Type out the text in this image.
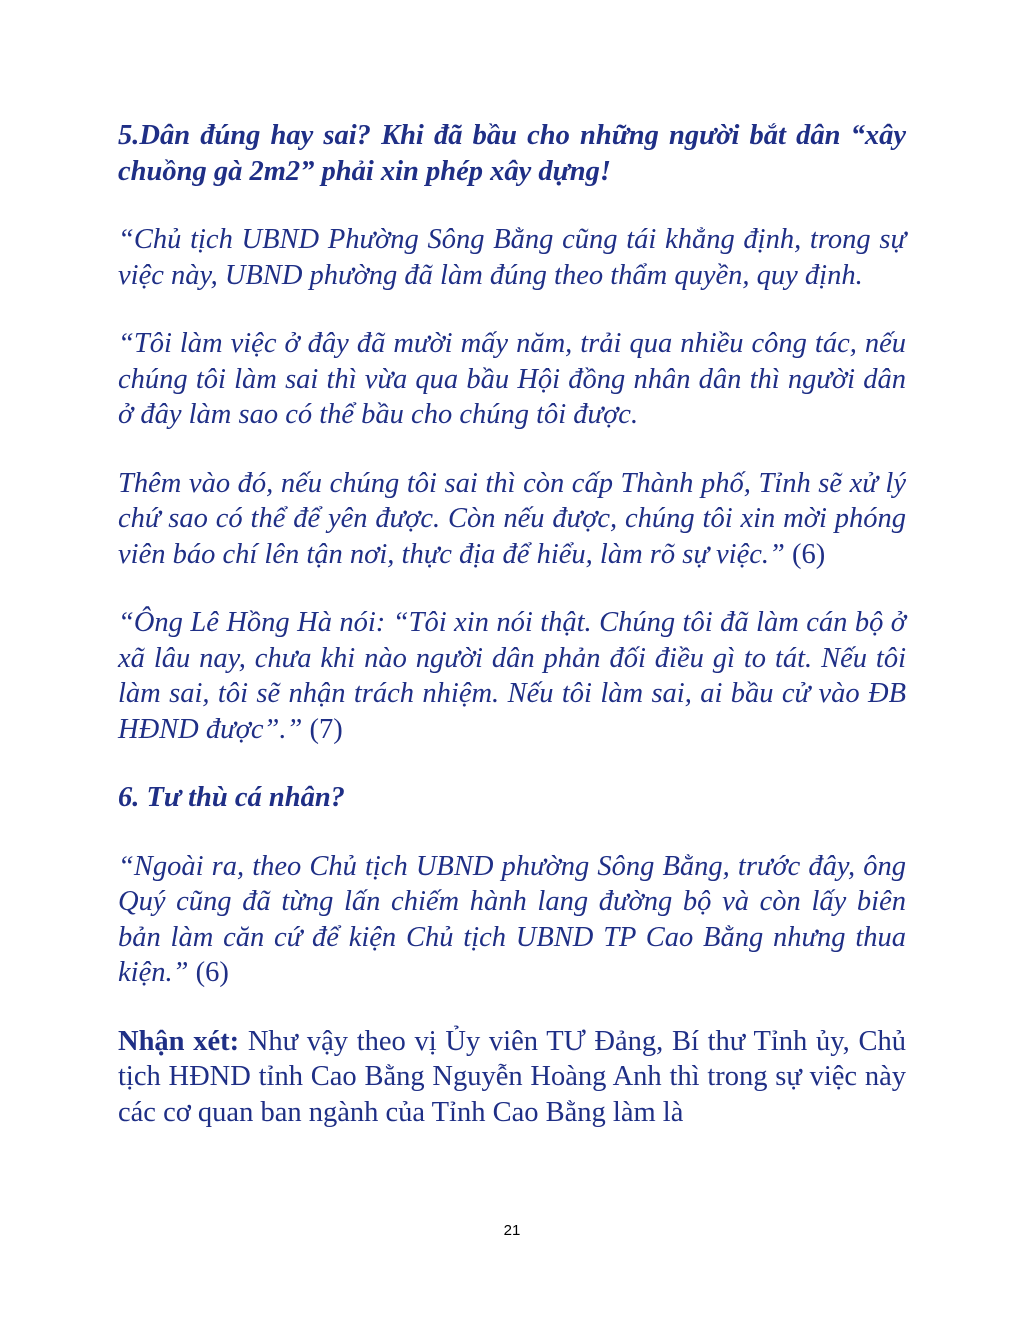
5.Dân đúng hay sai? Khi đã bầu cho những người bắt dân “xây chuồng gà 2m2” phải xin phép xây dựng!

“Chủ tịch UBND Phường Sông Bằng cũng tái khẳng định, trong sự việc này, UBND phường đã làm đúng theo thẩm quyền, quy định.

“Tôi làm việc ở đây đã mười mấy năm, trải qua nhiều công tác, nếu chúng tôi làm sai thì vừa qua bầu Hội đồng nhân dân thì người dân ở đây làm sao có thể bầu cho chúng tôi được.

Thêm vào đó, nếu chúng tôi sai thì còn cấp Thành phố, Tỉnh sẽ xử lý chứ sao có thể để yên được. Còn nếu được, chúng tôi xin mời phóng viên báo chí lên tận nơi, thực địa để hiểu, làm rõ sự việc.” (6)

“Ông Lê Hồng Hà nói: “Tôi xin nói thật. Chúng tôi đã làm cán bộ ở xã lâu nay, chưa khi nào người dân phản đối điều gì to tát. Nếu tôi làm sai, tôi sẽ nhận trách nhiệm. Nếu tôi làm sai, ai bầu cử vào ĐB HĐND được”.” (7)

6. Tư thù cá nhân?

“Ngoài ra, theo Chủ tịch UBND phường Sông Bằng, trước đây, ông Quý cũng đã từng lấn chiếm hành lang đường bộ và còn lấy biên bản làm căn cứ để kiện Chủ tịch UBND TP Cao Bằng nhưng thua kiện.” (6)

Nhận xét: Như vậy theo vị Ủy viên TƯ Đảng, Bí thư Tỉnh ủy, Chủ tịch HĐND tỉnh Cao Bằng Nguyễn Hoàng Anh thì trong sự việc này các cơ quan ban ngành của Tỉnh Cao Bằng làm là

21
